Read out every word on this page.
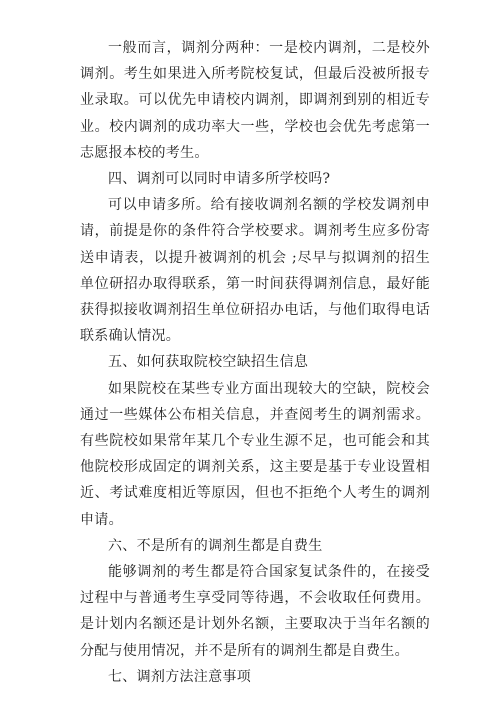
一般而言，调剂分两种：一是校内调剂，二是校外调剂。考生如果进入所考院校复试，但最后没被所报专业录取。可以优先申请校内调剂，即调剂到别的相近专业。校内调剂的成功率大一些，学校也会优先考虑第一志愿报本校的考生。

四、调剂可以同时申请多所学校吗?

可以申请多所。给有接收调剂名额的学校发调剂申请，前提是你的条件符合学校要求。调剂考生应多份寄送申请表，以提升被调剂的机会 ;尽早与拟调剂的招生单位研招办取得联系，第一时间获得调剂信息，最好能获得拟接收调剂招生单位研招办电话，与他们取得电话联系确认情况。

五、如何获取院校空缺招生信息

如果院校在某些专业方面出现较大的空缺，院校会通过一些媒体公布相关信息，并查阅考生的调剂需求。有些院校如果常年某几个专业生源不足，也可能会和其他院校形成固定的调剂关系，这主要是基于专业设置相近、考试难度相近等原因，但也不拒绝个人考生的调剂申请。

六、不是所有的调剂生都是自费生

能够调剂的考生都是符合国家复试条件的，在接受过程中与普通考生享受同等待遇，不会收取任何费用。是计划内名额还是计划外名额，主要取决于当年名额的分配与使用情况，并不是所有的调剂生都是自费生。

七、调剂方法注意事项
